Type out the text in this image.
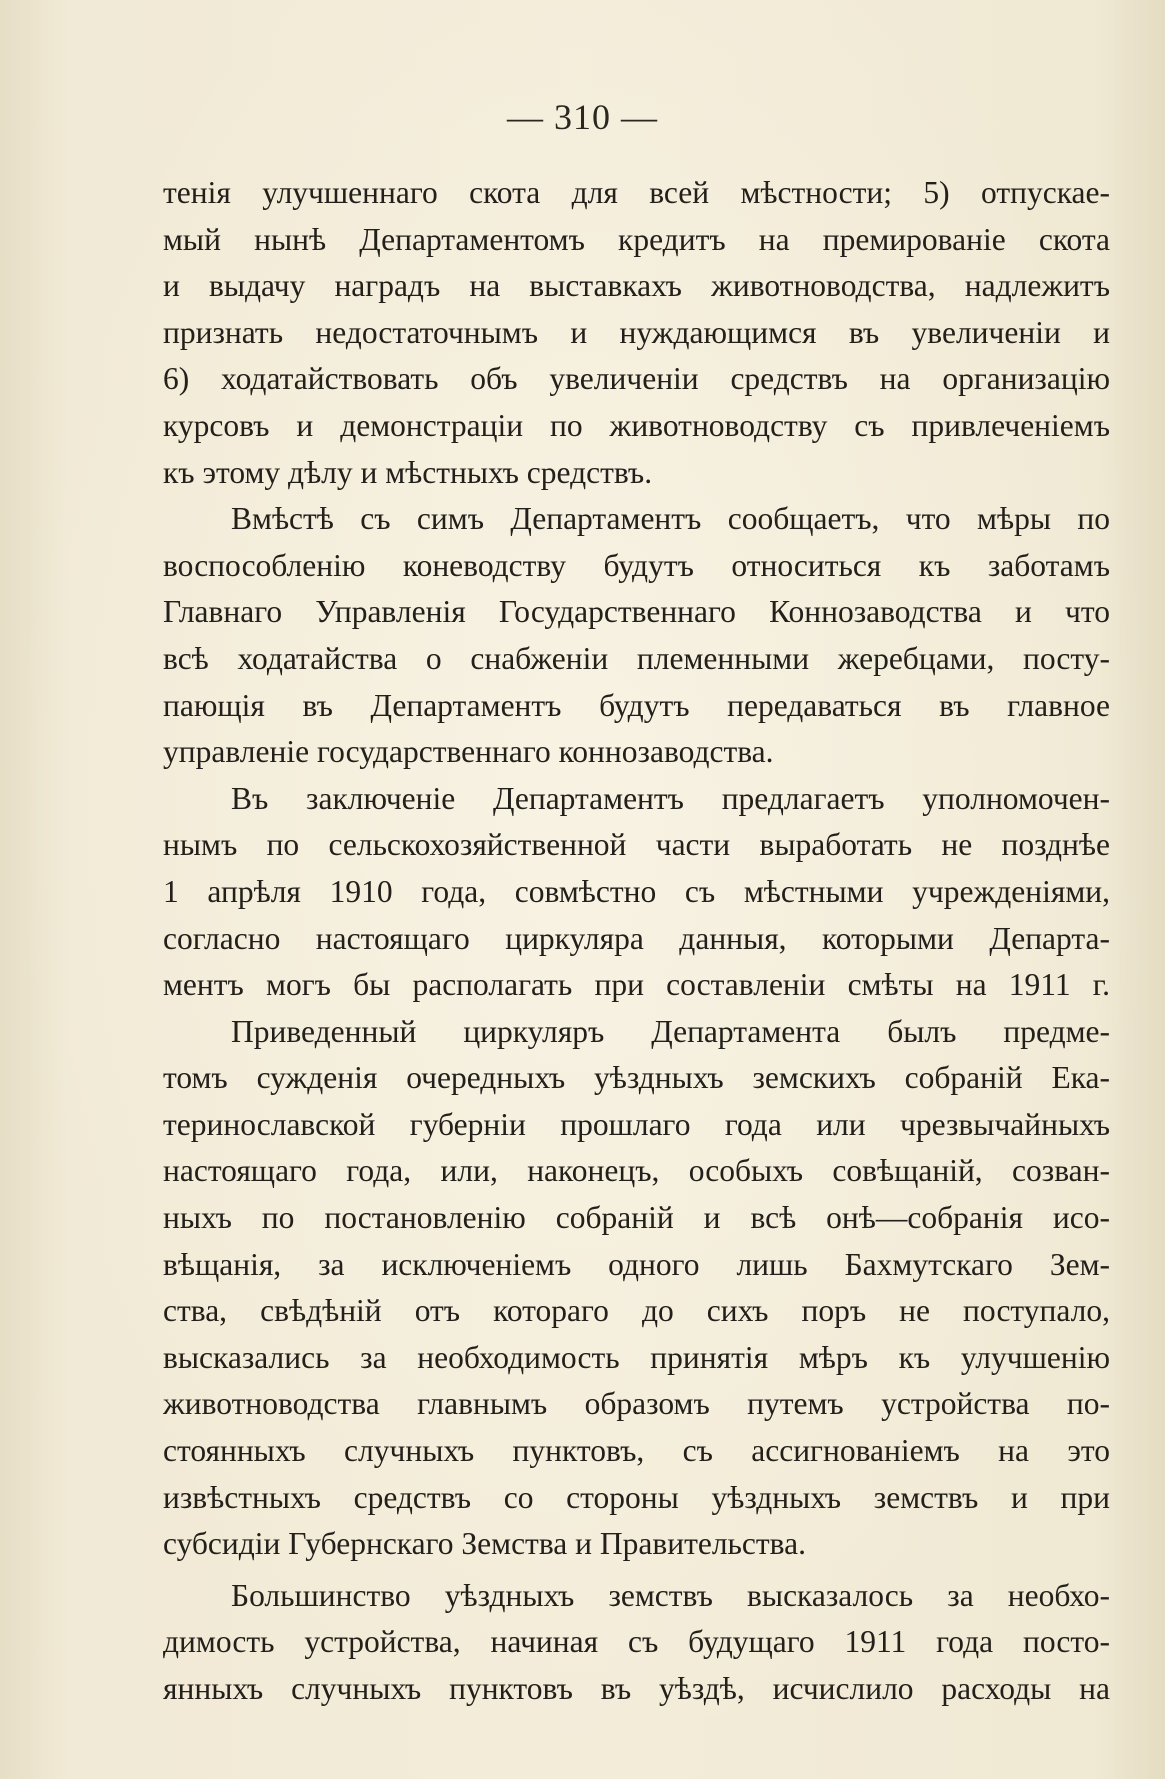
— 310 —
тенія улучшеннаго скота для всей мѣстности; 5) отпускае-
мый нынѣ Департаментомъ кредитъ на премированіе скота
и выдачу наградъ на выставкахъ животноводства, надлежитъ
признать недостаточнымъ и нуждающимся въ увеличеніи и
6) ходатайствовать объ увеличеніи средствъ на организацію
курсовъ и демонстраціи по животноводству съ привлеченіемъ
къ этому дѣлу и мѣстныхъ средствъ.
Вмѣстѣ съ симъ Департаментъ сообщаетъ, что мѣры по
воспособленію коневодству будутъ относиться къ заботамъ
Главнаго Управленія Государственнаго Коннозаводства и что
всѣ ходатайства о снабженіи племенными жеребцами, посту-
пающія въ Департаментъ будутъ передаваться въ главное
управленіе государственнаго коннозаводства.
Въ заключеніе Департаментъ предлагаетъ уполномочен-
нымъ по сельскохозяйственной части выработать не позднѣе
1 апрѣля 1910 года, совмѣстно съ мѣстными учрежденіями,
согласно настоящаго циркуляра данныя, которыми Департа-
ментъ могъ бы располагать при составленіи смѣты на 1911 г.
Приведенный циркуляръ Департамента былъ предме-
томъ сужденія очередныхъ уѣздныхъ земскихъ собраній Ека-
теринославской губерніи прошлаго года или чрезвычайныхъ
настоящаго года, или, наконецъ, особыхъ совѣщаній, созван-
ныхъ по постановленію собраній и всѣ онѣ—собранія исо-
вѣщанія, за исключеніемъ одного лишь Бахмутскаго Зем-
ства, свѣдѣній отъ котораго до сихъ поръ не поступало,
высказались за необходимость принятія мѣръ къ улучшенію
животноводства главнымъ образомъ путемъ устройства по-
стоянныхъ случныхъ пунктовъ, съ ассигнованіемъ на это
извѣстныхъ средствъ со стороны уѣздныхъ земствъ и при
субсидіи Губернскаго Земства и Правительства.
Большинство уѣздныхъ земствъ высказалось за необхо-
димость устройства, начиная съ будущаго 1911 года посто-
янныхъ случныхъ пунктовъ въ уѣздѣ, исчислило расходы на
